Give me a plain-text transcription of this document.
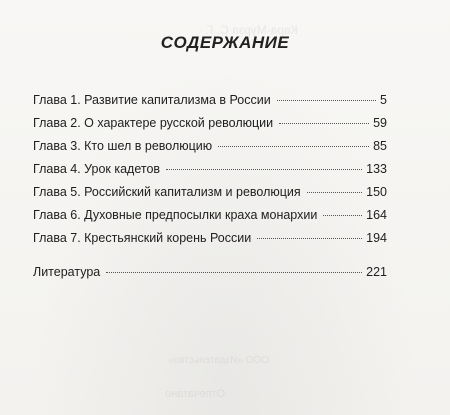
Кара-Мурза С. Г.
ООО «Издательство»
Отпечатано
СОДЕРЖАНИЕ
Глава 1. Развитие капитализма в России	5
Глава 2. О характере русской революции	59
Глава 3. Кто шел в революцию	85
Глава 4. Урок кадетов	133
Глава 5. Российский капитализм и революция	150
Глава 6. Духовные предпосылки краха монархии	164
Глава 7. Крестьянский корень России	194
Литература	221
